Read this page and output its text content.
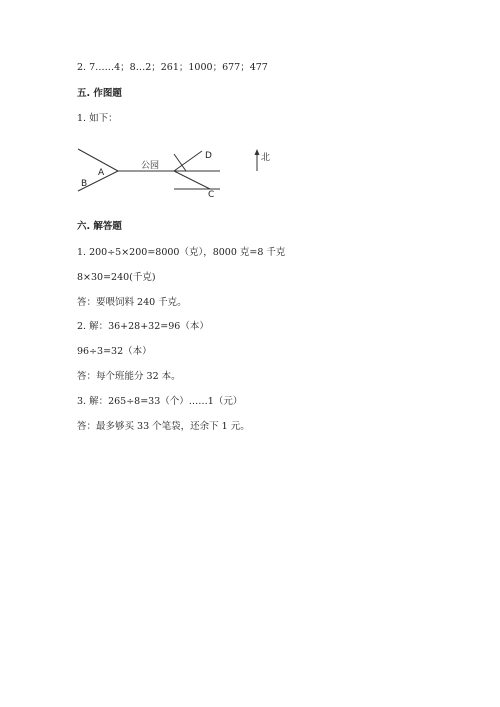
2. 7……4；8…2；261；1000；677；477
五. 作图题
1. 如下：
A
B
公园
D
C
北
六. 解答题
1. 200÷5×200=8000（克），8000 克=8 千克
8×30=240(千克)
答：要喂饲料 240 千克。
2. 解：36+28+32=96（本）
96÷3=32（本）
答：每个班能分 32 本。
3. 解：265÷8=33（个）……1（元）
答：最多够买 33 个笔袋，还余下 1 元。
